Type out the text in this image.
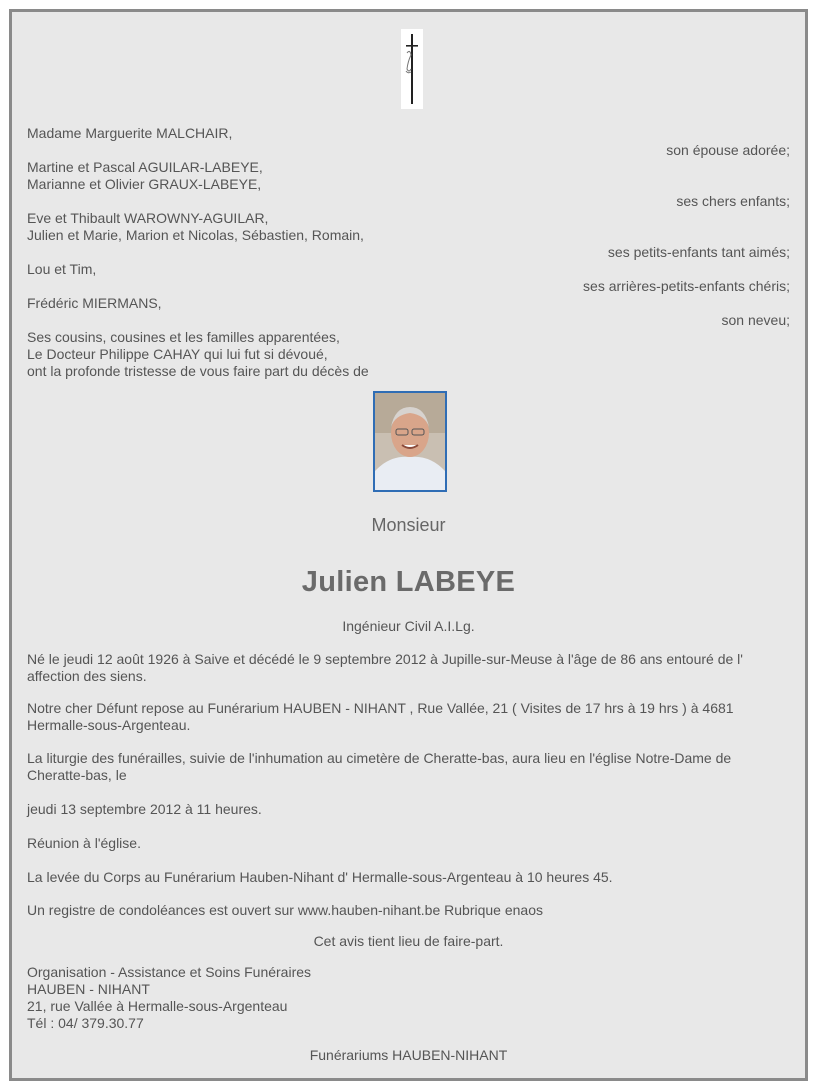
Madame Marguerite MALCHAIR,
son épouse adorée;
Martine et Pascal AGUILAR-LABEYE,
Marianne et Olivier GRAUX-LABEYE,
ses chers enfants;
Eve et Thibault WAROWNY-AGUILAR,
Julien et Marie, Marion et Nicolas, Sébastien, Romain,
ses petits-enfants tant aimés;
Lou et Tim,
ses arrières-petits-enfants chéris;
Frédéric MIERMANS,
son neveu;
Ses cousins, cousines et les familles apparentées,
Le Docteur Philippe CAHAY qui lui fut si dévoué,
ont la profonde tristesse de vous faire part du décès de
Monsieur
Julien LABEYE
Ingénieur Civil A.I.Lg.
Né le jeudi 12 août 1926 à Saive et décédé le 9 septembre 2012 à Jupille-sur-Meuse à l'âge de 86 ans entouré de l' affection des siens.
Notre cher Défunt repose au Funérarium HAUBEN - NIHANT , Rue Vallée, 21 ( Visites de 17 hrs à 19 hrs ) à 4681 Hermalle-sous-Argenteau.
La liturgie des funérailles, suivie de l'inhumation au cimetère de Cheratte-bas, aura lieu en l'église Notre-Dame de Cheratte-bas, le
jeudi 13 septembre 2012 à 11 heures.
Réunion à l'église.
La levée du Corps au Funérarium Hauben-Nihant d' Hermalle-sous-Argenteau à 10 heures 45.
Un registre de condoléances est ouvert sur www.hauben-nihant.be Rubrique enaos
Cet avis tient lieu de faire-part.
Organisation - Assistance et Soins Funéraires
HAUBEN - NIHANT
21, rue Vallée à Hermalle-sous-Argenteau
Tél : 04/ 379.30.77
Funérariums HAUBEN-NIHANT
